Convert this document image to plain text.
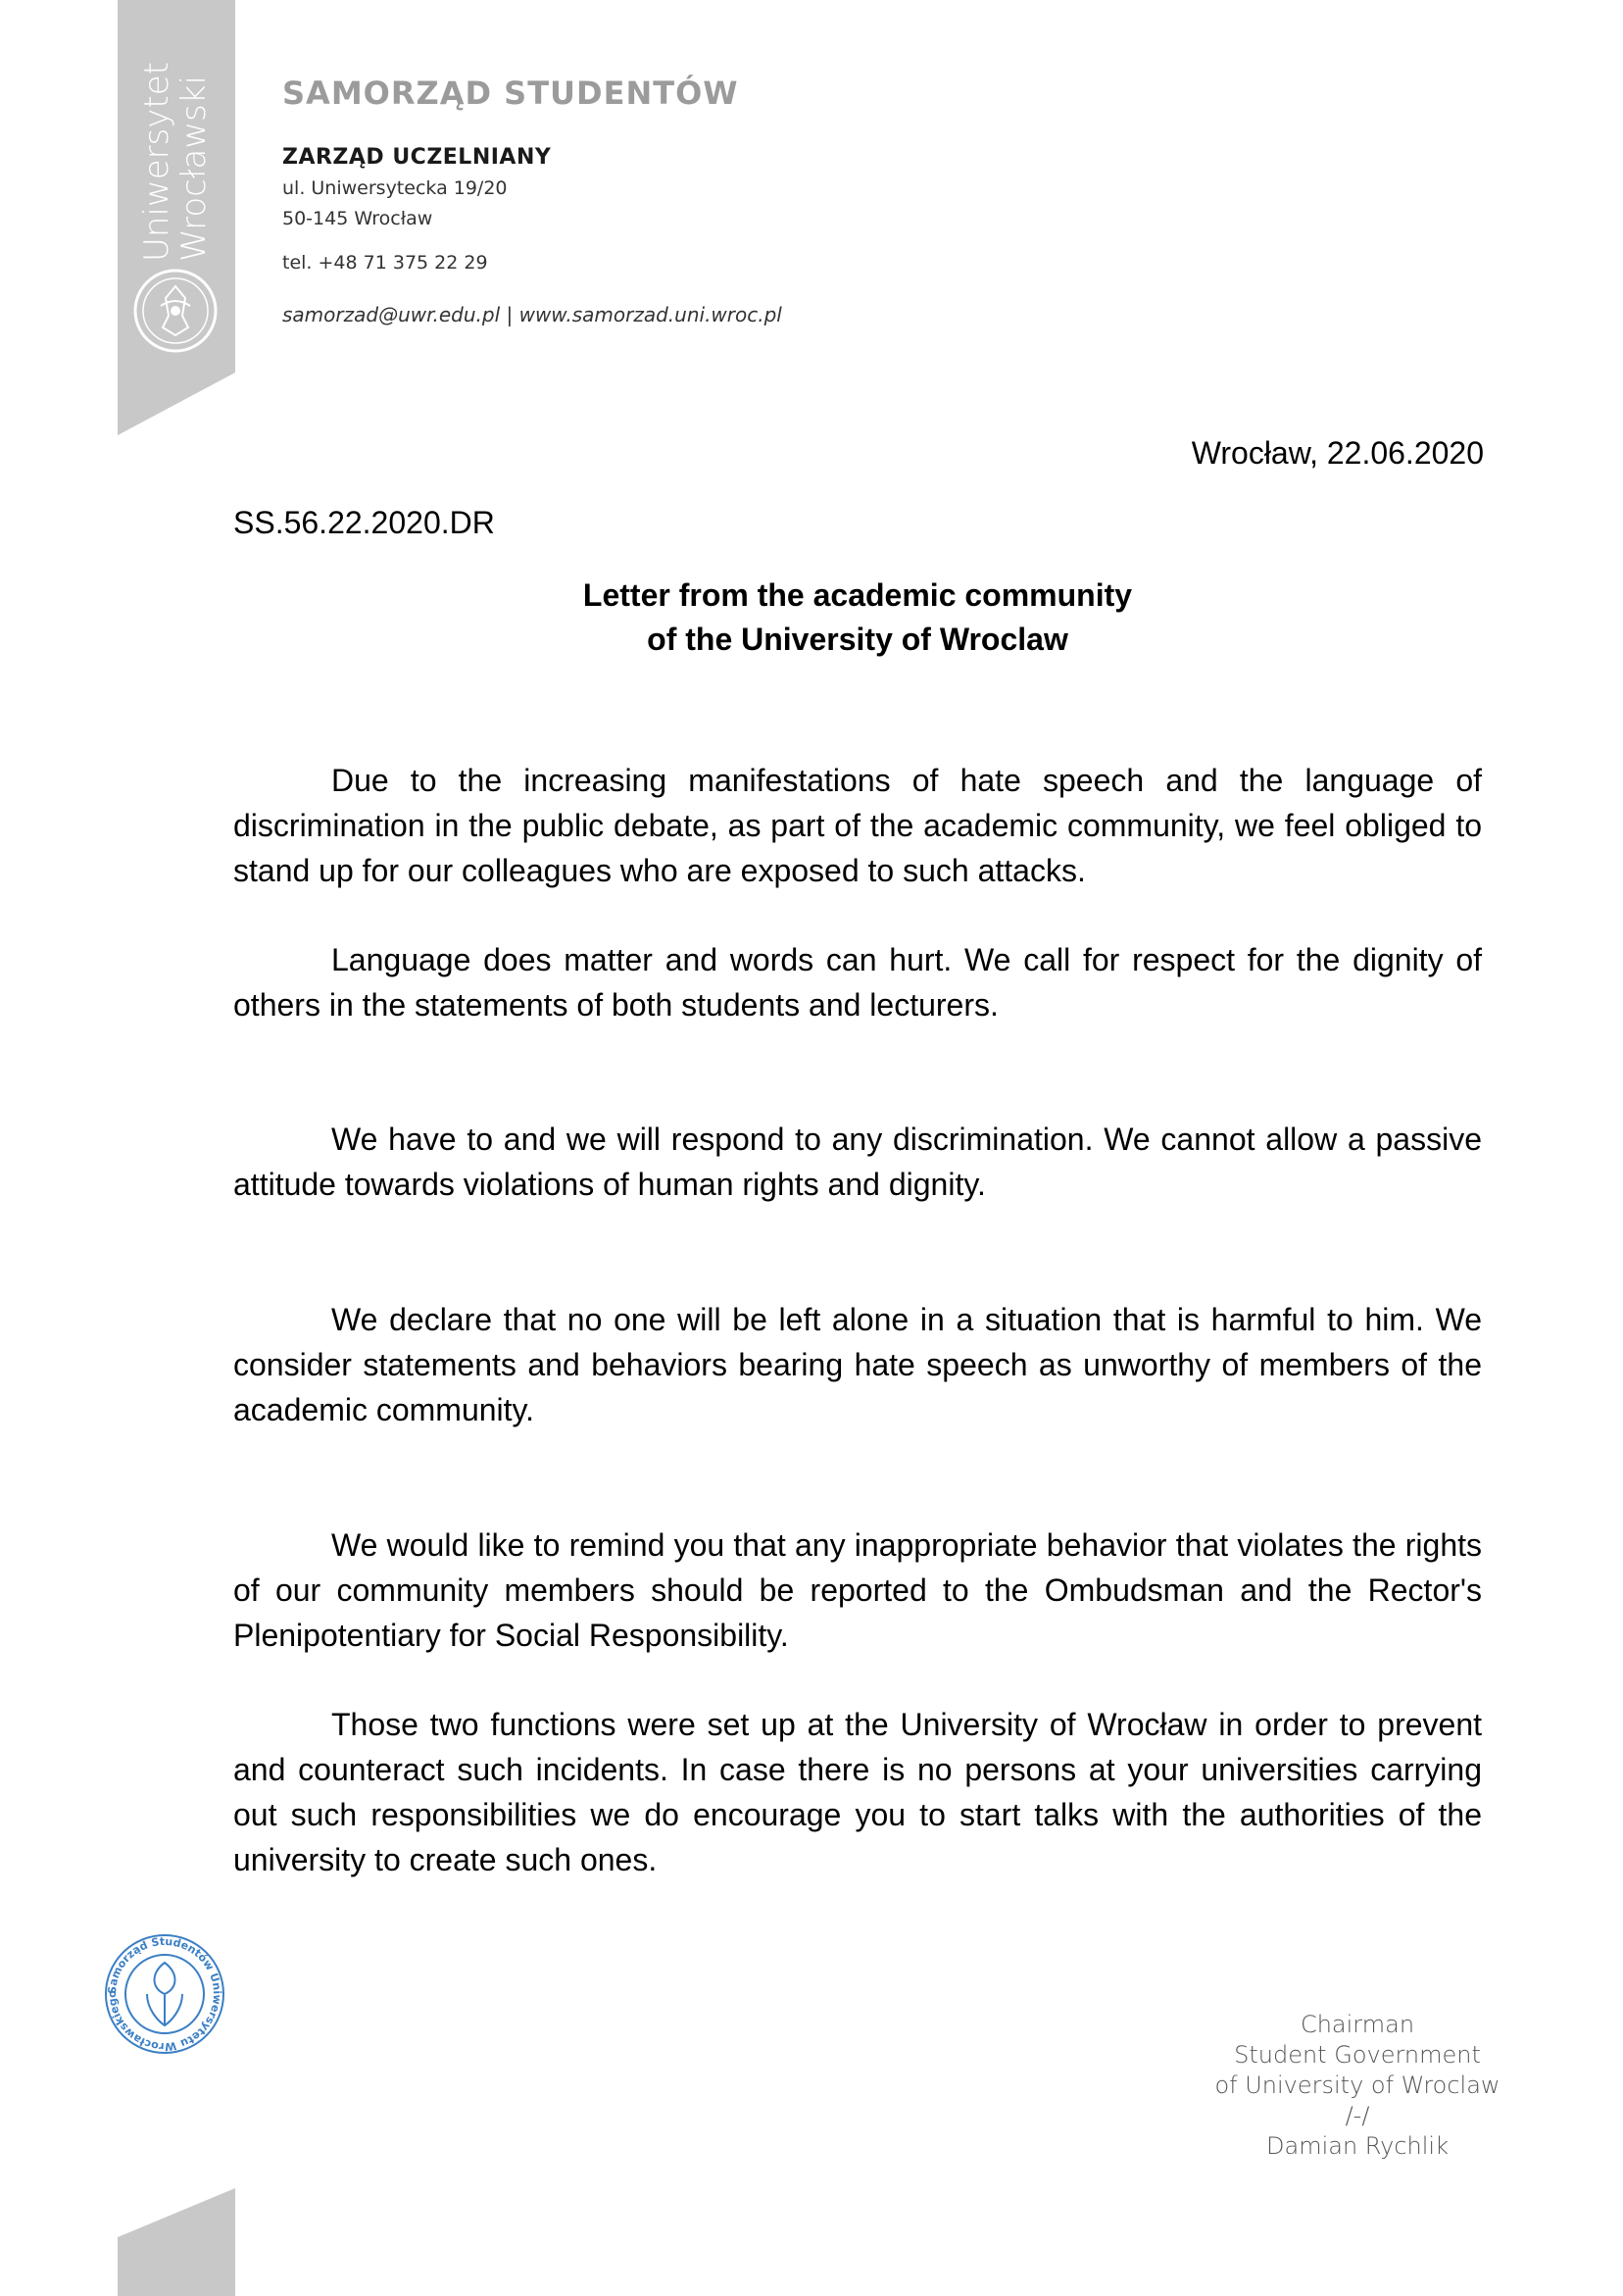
Uniwersytet
Wrocławski SAMORZĄD STUDENTÓW
ZARZĄD UCZELNIANY
ul. Uniwersytecka 19/20
50-145 Wrocław
tel. +48 71 375 22 29
samorzad@uwr.edu.pl | www.samorzad.uni.wroc.pl
Wrocław, 22.06.2020
SS.56.22.2020.DR
Letter from the academic community
of the University of Wroclaw

Due to the increasing manifestations of hate speech and the language of discrimination in the public debate, as part of the academic community, we feel obliged to stand up for our colleagues who are exposed to such attacks.

Language does matter and words can hurt. We call for respect for the dignity of others in the statements of both students and lecturers.

We have to and we will respond to any discrimination. We cannot allow a passive attitude towards violations of human rights and dignity.

We declare that no one will be left alone in a situation that is harmful to him. We consider statements and behaviors bearing hate speech as unworthy of members of the academic community.

We would like to remind you that any inappropriate behavior that violates the rights of our community members should be reported to the Ombudsman and the Rector's Plenipotentiary for Social Responsibility.

Those two functions were set up at the University of Wrocław in order to prevent and counteract such incidents. In case there is no persons at your universities carrying out such responsibilities we do encourage you to start talks with the authorities of the university to create such ones.

Samorząd Studentów Uniwersytetu Wrocławskiego
Chairman
Student Government
of University of Wroclaw
/-/
Damian Rychlik
